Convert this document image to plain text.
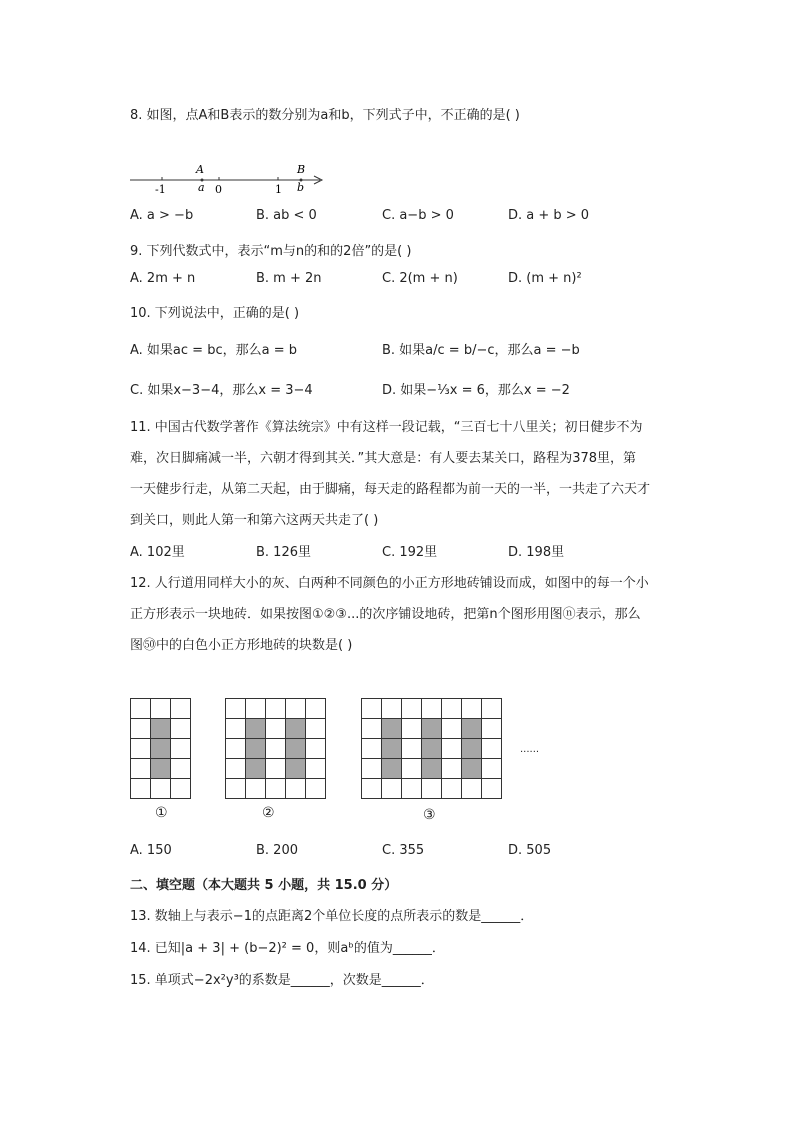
8. 如图，点A和B表示的数分别为a和b，下列式子中，不正确的是( )
A	B
-1	a 0	1 b
A. a > −b	B. ab < 0	C. a−b > 0	D. a + b > 0
9. 下列代数式中，表示“m与n的和的2倍”的是( )
A. 2m + n	B. m + 2n	C. 2(m + n)	D. (m + n)²
10. 下列说法中，正确的是( )
A. 如果ac = bc，那么a = b	B. 如果a/c = b/−c，那么a = −b
C. 如果x−3−4，那么x = 3−4	D. 如果−⅓x = 6，那么x = −2
11. 中国古代数学著作《算法统宗》中有这样一段记载，“三百七十八里关；初日健步不为
难，次日脚痛减一半，六朝才得到其关．”其大意是：有人要去某关口，路程为378里，第
一天健步行走，从第二天起，由于脚痛，每天走的路程都为前一天的一半，一共走了六天才
到关口，则此人第一和第六这两天共走了( )
A. 102里	B. 126里	C. 192里	D. 198里
12. 人行道用同样大小的灰、白两种不同颜色的小正方形地砖铺设而成，如图中的每一个小
正方形表示一块地砖．如果按图①②③...的次序铺设地砖，把第n个图形用图ⓝ表示，那么
图㊿中的白色小正方形地砖的块数是( )
①	②	③
......
A. 150	B. 200	C. 355	D. 505
二、填空题（本大题共 5 小题，共 15.0 分）
13. 数轴上与表示−1的点距离2个单位长度的点所表示的数是______．
14. 已知|a + 3| + (b−2)² = 0，则aᵇ的值为______．
15. 单项式−2x²y³的系数是______，次数是______．
